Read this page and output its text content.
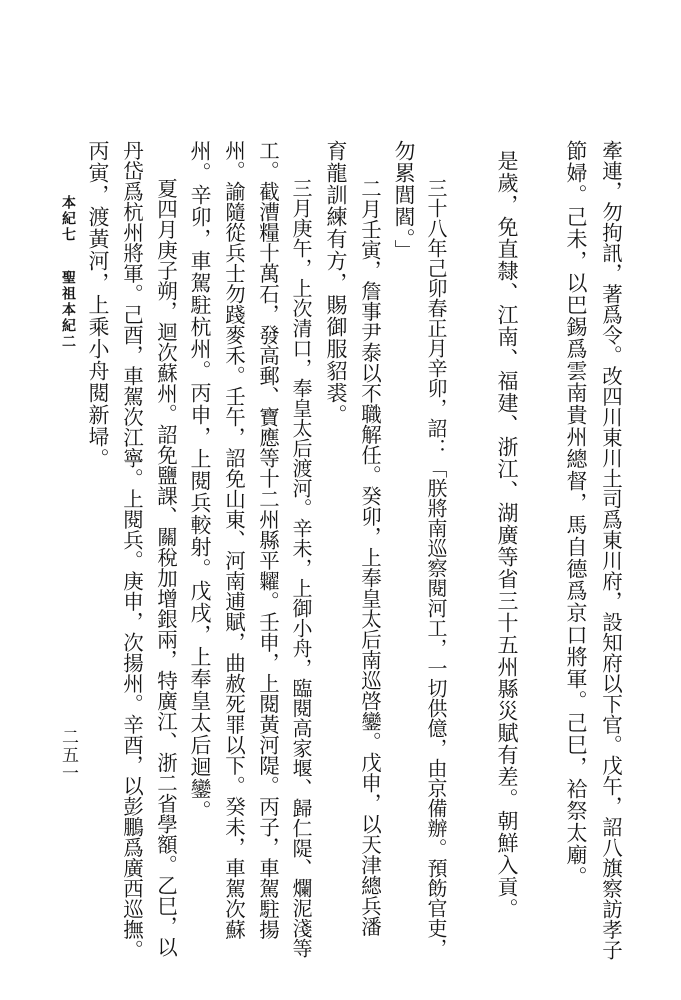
牽連，勿拘訊，著爲令。改四川東川土司爲東川府，設知府以下官。戊午，詔八旗察訪孝子
節婦。己未，以巴錫爲雲南貴州總督，馬自德爲京口將軍。己巳，袷祭太廟。
是歲，免直隸、江南、福建、浙江、湖廣等省三十五州縣災賦有差。朝鮮入貢。
三十八年己卯春正月辛卯，詔：「朕將南巡察閱河工，一切供億，由京備辦。預飭官吏，
勿累閭閻。」
二月壬寅，詹事尹泰以不職解任。癸卯，上奉皇太后南巡啓鑾。戊申，以天津總兵潘
育龍訓練有方，賜御服貂裘。
三月庚午，上次清口，奉皇太后渡河。辛未，上御小舟，臨閱高家堰、歸仁隄、爛泥淺等
工。截漕糧十萬石，發高郵、寶應等十二州縣平糶。壬申，上閱黃河隄。丙子，車駕駐揚
州。諭隨從兵士勿踐麥禾。壬午，詔免山東、河南逋賦，曲赦死罪以下。癸未，車駕次蘇
州。辛卯，車駕駐杭州。丙申，上閱兵較射。戊戌，上奉皇太后迴鑾。
夏四月庚子朔，迴次蘇州。詔免鹽課、關稅加增銀兩，特廣江、浙二省學額。乙巳，以
丹岱爲杭州將軍。己酉，車駕次江寧。上閱兵。庚申，次揚州。辛酉，以彭鵬爲廣西巡撫。
丙寅，渡黃河，上乘小舟閱新埽。
本紀七
聖祖本紀二
二五一
